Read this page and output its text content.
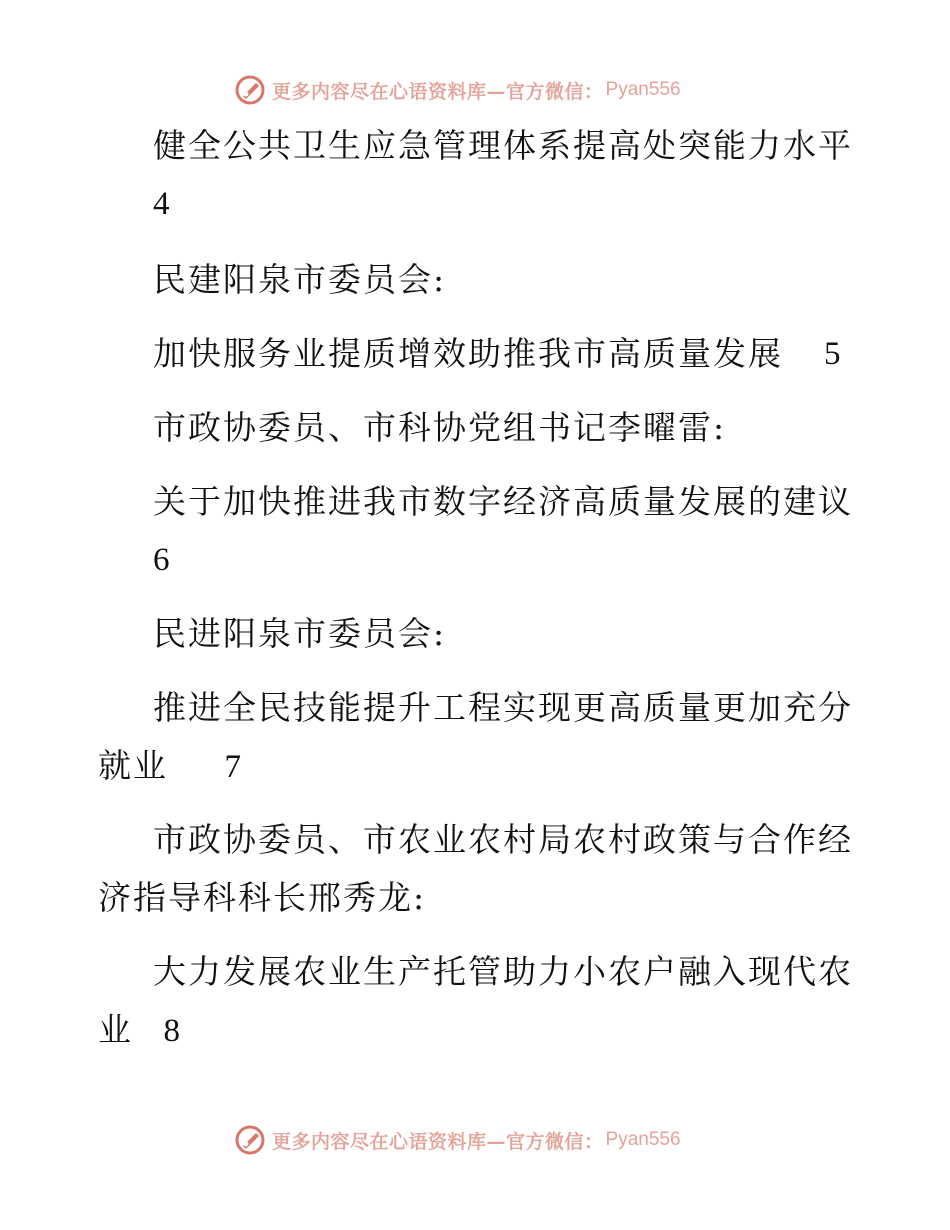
更多内容尽在心语资料库—官方微信： Pyan556
健全公共卫生应急管理体系提高处突能力水平
4
民建阳泉市委员会:
加快服务业提质增效助推我市高质量发展 5
市政协委员、市科协党组书记李曜雷:
关于加快推进我市数字经济高质量发展的建议
6
民进阳泉市委员会:
推进全民技能提升工程实现更高质量更加充分
就业 7
市政协委员、市农业农村局农村政策与合作经
济指导科科长邢秀龙:
大力发展农业生产托管助力小农户融入现代农
业 8
更多内容尽在心语资料库—官方微信： Pyan556
